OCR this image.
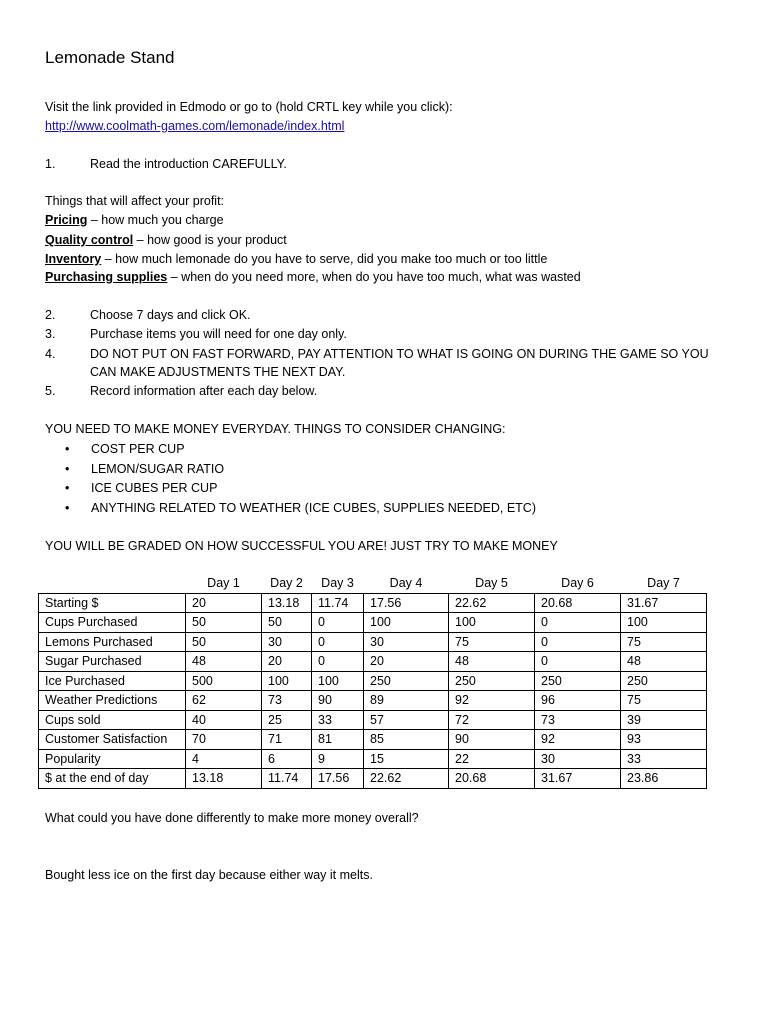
Lemonade Stand
Visit the link provided in Edmodo or go to (hold CRTL key while you click):
http://www.coolmath-games.com/lemonade/index.html
1.	Read the introduction CAREFULLY.
Things that will affect your profit:
Pricing – how much you charge
Quality control – how good is your product
Inventory – how much lemonade do you have to serve, did you make too much or too little
Purchasing supplies – when do you need more, when do you have too much, what was wasted
2.	Choose 7 days and click OK.
3.	Purchase items you will need for one day only.
4.	DO NOT PUT ON FAST FORWARD, PAY ATTENTION TO WHAT IS GOING ON DURING THE GAME SO YOU
CAN MAKE ADJUSTMENTS THE NEXT DAY.
5.	Record information after each day below.
YOU NEED TO MAKE MONEY EVERYDAY. THINGS TO CONSIDER CHANGING:
• COST PER CUP
• LEMON/SUGAR RATIO
• ICE CUBES PER CUP
• ANYTHING RELATED TO WEATHER (ICE CUBES, SUPPLIES NEEDED, ETC)
YOU WILL BE GRADED ON HOW SUCCESSFUL YOU ARE! JUST TRY TO MAKE MONEY
What could you have done differently to make more money overall?
Bought less ice on the first day because either way it melts.
	Day 1	Day 2	Day 3	Day 4	Day 5	Day 6	Day 7
Starting $	20	13.18	11.74	17.56	22.62	20.68	31.67
Cups Purchased	50	50	0	100	100	0	100
Lemons Purchased	50	30	0	30	75	0	75
Sugar Purchased	48	20	0	20	48	0	48
Ice Purchased	500	100	100	250	250	250	250
Weather Predictions	62	73	90	89	92	96	75
Cups sold	40	25	33	57	72	73	39
Customer Satisfaction	70	71	81	85	90	92	93
Popularity	4	6	9	15	22	30	33
$ at the end of day	13.18	11.74	17.56	22.62	20.68	31.67	23.86
